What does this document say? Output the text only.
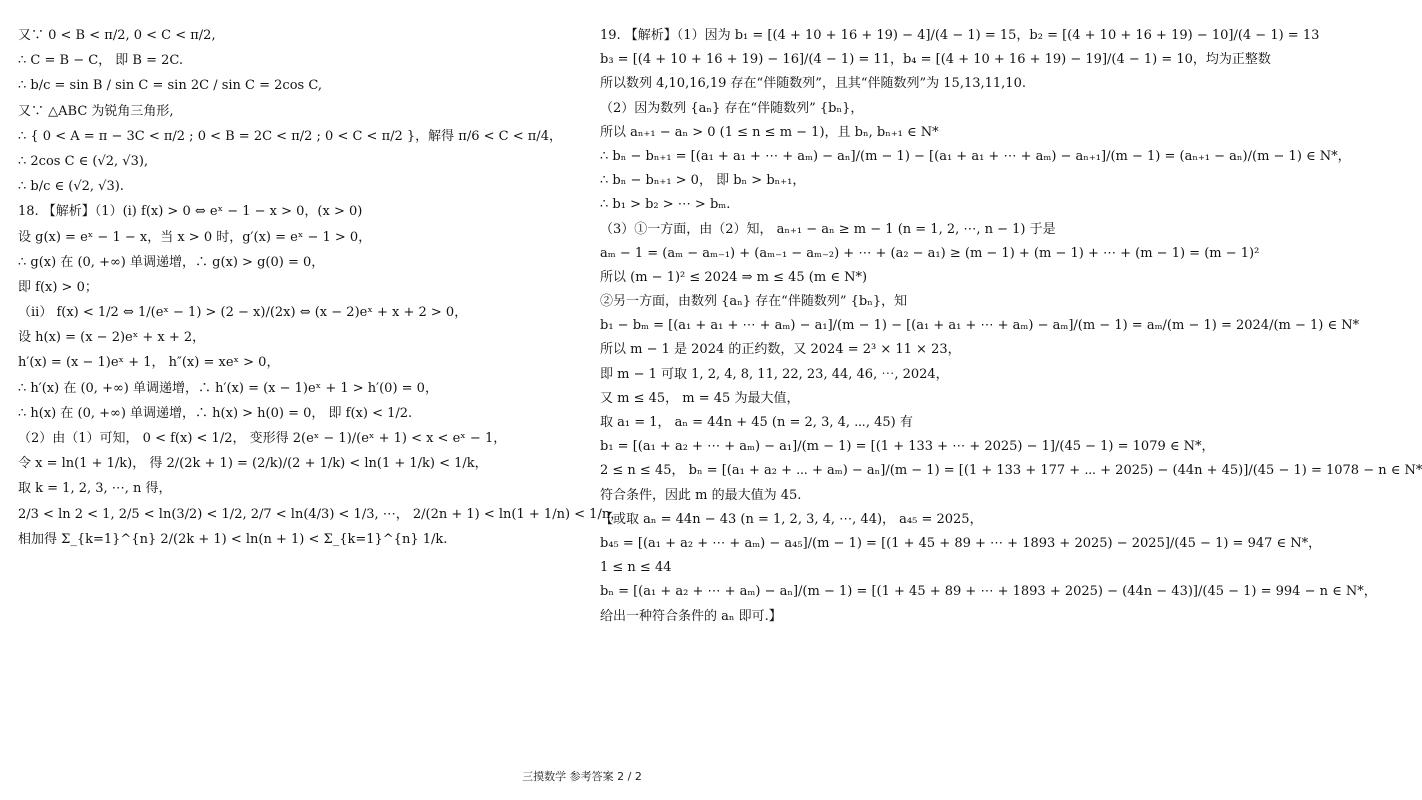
又∵ 0 < B < π/2, 0 < C < π/2,
∴ C = B − C， 即 B = 2C.
∴ b/c = sin B / sin C = sin 2C / sin C = 2cos C,
又∵ △ABC 为锐角三角形,
∴ { 0 < A = π − 3C < π/2 ; 0 < B = 2C < π/2 ; 0 < C < π/2 }，解得 π/6 < C < π/4，
∴ 2cos C ∈ (√2, √3),
∴ b/c ∈ (√2, √3).
18. 【解析】（1）(i) f(x) > 0 ⇔ eˣ − 1 − x > 0，(x > 0)
设 g(x) = eˣ − 1 − x，当 x > 0 时，g′(x) = eˣ − 1 > 0，
∴ g(x) 在 (0, +∞) 单调递增，∴ g(x) > g(0) = 0，
即 f(x) > 0；
（ii） f(x) < 1/2 ⇔ 1/(eˣ − 1) > (2 − x)/(2x) ⇔ (x − 2)eˣ + x + 2 > 0，
设 h(x) = (x − 2)eˣ + x + 2，
h′(x) = (x − 1)eˣ + 1， h″(x) = xeˣ > 0，
∴ h′(x) 在 (0, +∞) 单调递增，∴ h′(x) = (x − 1)eˣ + 1 > h′(0) = 0，
∴ h(x) 在 (0, +∞) 单调递增，∴ h(x) > h(0) = 0， 即 f(x) < 1/2.
（2）由（1）可知， 0 < f(x) < 1/2， 变形得 2(eˣ − 1)/(eˣ + 1) < x < eˣ − 1，
令 x = ln(1 + 1/k)， 得 2/(2k + 1) = (2/k)/(2 + 1/k) < ln(1 + 1/k) < 1/k，
取 k = 1, 2, 3, ⋯, n 得，
2/3 < ln 2 < 1, 2/5 < ln(3/2) < 1/2, 2/7 < ln(4/3) < 1/3, ⋯， 2/(2n + 1) < ln(1 + 1/n) < 1/n，
相加得 Σ_{k=1}^{n} 2/(2k + 1) < ln(n + 1) < Σ_{k=1}^{n} 1/k.
19. 【解析】（1）因为 b₁ = [(4 + 10 + 16 + 19) − 4]/(4 − 1) = 15，b₂ = [(4 + 10 + 16 + 19) − 10]/(4 − 1) = 13
b₃ = [(4 + 10 + 16 + 19) − 16]/(4 − 1) = 11，b₄ = [(4 + 10 + 16 + 19) − 19]/(4 − 1) = 10，均为正整数
所以数列 4,10,16,19 存在“伴随数列”，且其“伴随数列”为 15,13,11,10.
（2）因为数列 {aₙ} 存在“伴随数列” {bₙ}，
所以 aₙ₊₁ − aₙ > 0 (1 ≤ n ≤ m − 1)，且 bₙ, bₙ₊₁ ∈ N*
∴ bₙ − bₙ₊₁ = [(a₁ + a₁ + ⋯ + aₘ) − aₙ]/(m − 1) − [(a₁ + a₁ + ⋯ + aₘ) − aₙ₊₁]/(m − 1) = (aₙ₊₁ − aₙ)/(m − 1) ∈ N*，
∴ bₙ − bₙ₊₁ > 0， 即 bₙ > bₙ₊₁，
∴ b₁ > b₂ > ⋯ > bₘ.
（3）①一方面，由（2）知， aₙ₊₁ − aₙ ≥ m − 1 (n = 1, 2, ⋯, n − 1) 于是
aₘ − 1 = (aₘ − aₘ₋₁) + (aₘ₋₁ − aₘ₋₂) + ⋯ + (a₂ − a₁) ≥ (m − 1) + (m − 1) + ⋯ + (m − 1) = (m − 1)²
所以 (m − 1)² ≤ 2024 ⇒ m ≤ 45 (m ∈ N*)
②另一方面，由数列 {aₙ} 存在“伴随数列” {bₙ}，知
b₁ − bₘ = [(a₁ + a₁ + ⋯ + aₘ) − a₁]/(m − 1) − [(a₁ + a₁ + ⋯ + aₘ) − aₘ]/(m − 1) = aₘ/(m − 1) = 2024/(m − 1) ∈ N*
所以 m − 1 是 2024 的正约数，又 2024 = 2³ × 11 × 23，
即 m − 1 可取 1, 2, 4, 8, 11, 22, 23, 44, 46, ⋯, 2024，
又 m ≤ 45， m = 45 为最大值，
取 a₁ = 1， aₙ = 44n + 45 (n = 2, 3, 4, ⋯, 45) 有
b₁ = [(a₁ + a₂ + ⋯ + aₘ) − a₁]/(m − 1) = [(1 + 133 + ⋯ + 2025) − 1]/(45 − 1) = 1079 ∈ N*，
2 ≤ n ≤ 45， bₙ = [(a₁ + a₂ + ⋯ + aₘ) − aₙ]/(m − 1) = [(1 + 133 + 177 + ⋯ + 2025) − (44n + 45)]/(45 − 1) = 1078 − n ∈ N*
符合条件，因此 m 的最大值为 45.
【或取 aₙ = 44n − 43 (n = 1, 2, 3, 4, ⋯, 44)， a₄₅ = 2025，
b₄₅ = [(a₁ + a₂ + ⋯ + aₘ) − a₄₅]/(m − 1) = [(1 + 45 + 89 + ⋯ + 1893 + 2025) − 2025]/(45 − 1) = 947 ∈ N*，
1 ≤ n ≤ 44
bₙ = [(a₁ + a₂ + ⋯ + aₘ) − aₙ]/(m − 1) = [(1 + 45 + 89 + ⋯ + 1893 + 2025) − (44n − 43)]/(45 − 1) = 994 − n ∈ N*，
给出一种符合条件的 aₙ 即可.】
三摸数学 参考答案 2 / 2
